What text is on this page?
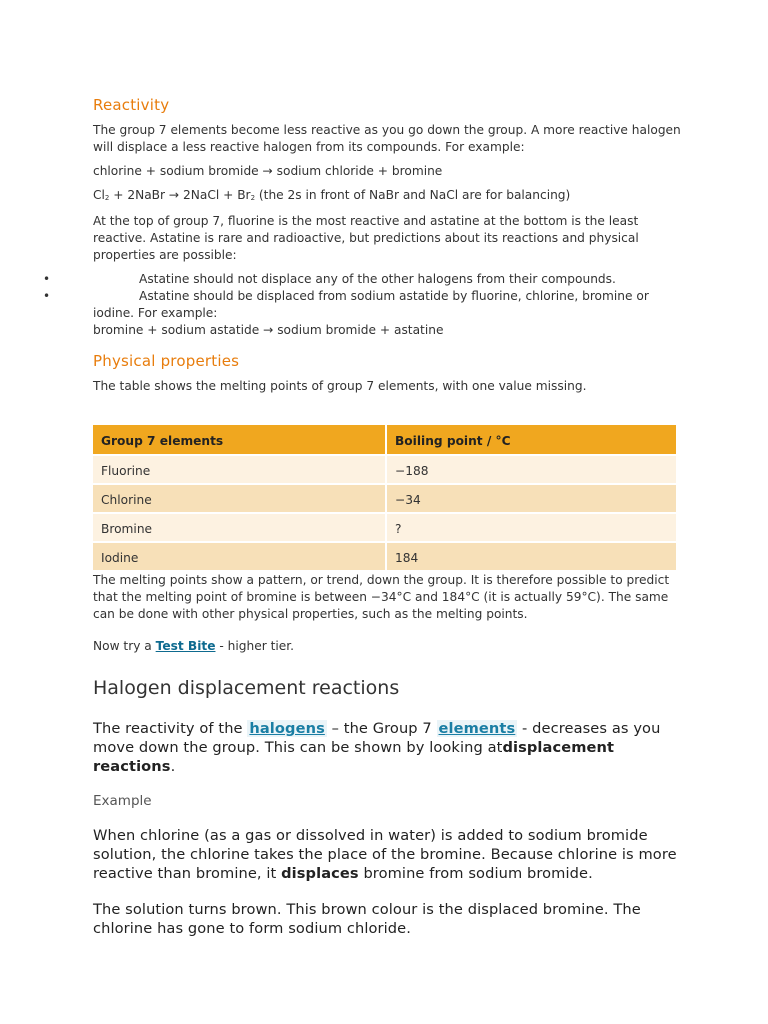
Reactivity

The group 7 elements become less reactive as you go down the group. A more reactive halogen will displace a less reactive halogen from its compounds. For example:

chlorine + sodium bromide → sodium chloride + bromine

Cl2 + 2NaBr → 2NaCl + Br2 (the 2s in front of NaBr and NaCl are for balancing)

At the top of group 7, fluorine is the most reactive and astatine at the bottom is the least reactive. Astatine is rare and radioactive, but predictions about its reactions and physical properties are possible:

•	Astatine should not displace any of the other halogens from their compounds.
•	Astatine should be displaced from sodium astatide by fluorine, chlorine, bromine or iodine. For example:
bromine + sodium astatide → sodium bromide + astatine
Physical properties

The table shows the melting points of group 7 elements, with one value missing.

Group 7 elements	Boiling point / °C
Fluorine	−188
Chlorine	−34
Bromine	?
Iodine	184

The melting points show a pattern, or trend, down the group. It is therefore possible to predict that the melting point of bromine is between −34°C and 184°C (it is actually 59°C). The same can be done with other physical properties, such as the melting points.

Now try a Test Bite - higher tier.

Halogen displacement reactions

The reactivity of the halogens – the Group 7 elements - decreases as you move down the group. This can be shown by looking atdisplacement reactions.

Example

When chlorine (as a gas or dissolved in water) is added to sodium bromide solution, the chlorine takes the place of the bromine. Because chlorine is more reactive than bromine, it displaces bromine from sodium bromide.

The solution turns brown. This brown colour is the displaced bromine. The chlorine has gone to form sodium chloride.
